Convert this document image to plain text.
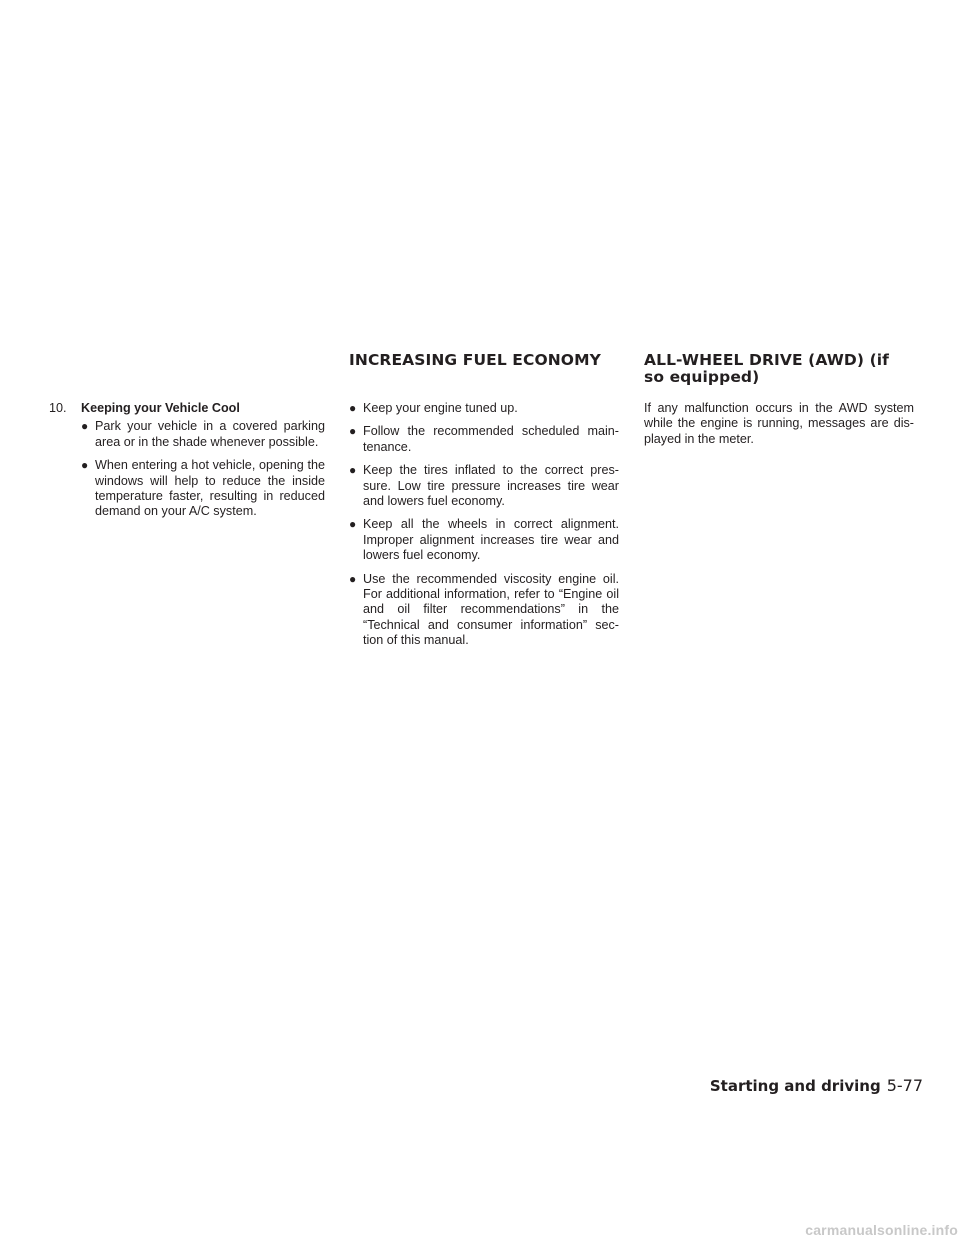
INCREASING FUEL ECONOMY	ALL-WHEEL DRIVE (AWD) (if so equipped)
10.	Keeping your Vehicle Cool
● Park your vehicle in a covered parking area or in the shade whenever possible.
● When entering a hot vehicle, opening the windows will help to reduce the inside temperature faster, resulting in reduced demand on your A/C system.
● Keep your engine tuned up.
● Follow the recommended scheduled main-tenance.
● Keep the tires inflated to the correct pres-sure. Low tire pressure increases tire wear and lowers fuel economy.
● Keep all the wheels in correct alignment. Improper alignment increases tire wear and lowers fuel economy.
● Use the recommended viscosity engine oil. For additional information, refer to “Engine oil and oil filter recommendations” in the “Technical and consumer information” sec-tion of this manual.

If any malfunction occurs in the AWD system while the engine is running, messages are dis-played in the meter.

Starting and driving 5-77
carmanualsonline.info
